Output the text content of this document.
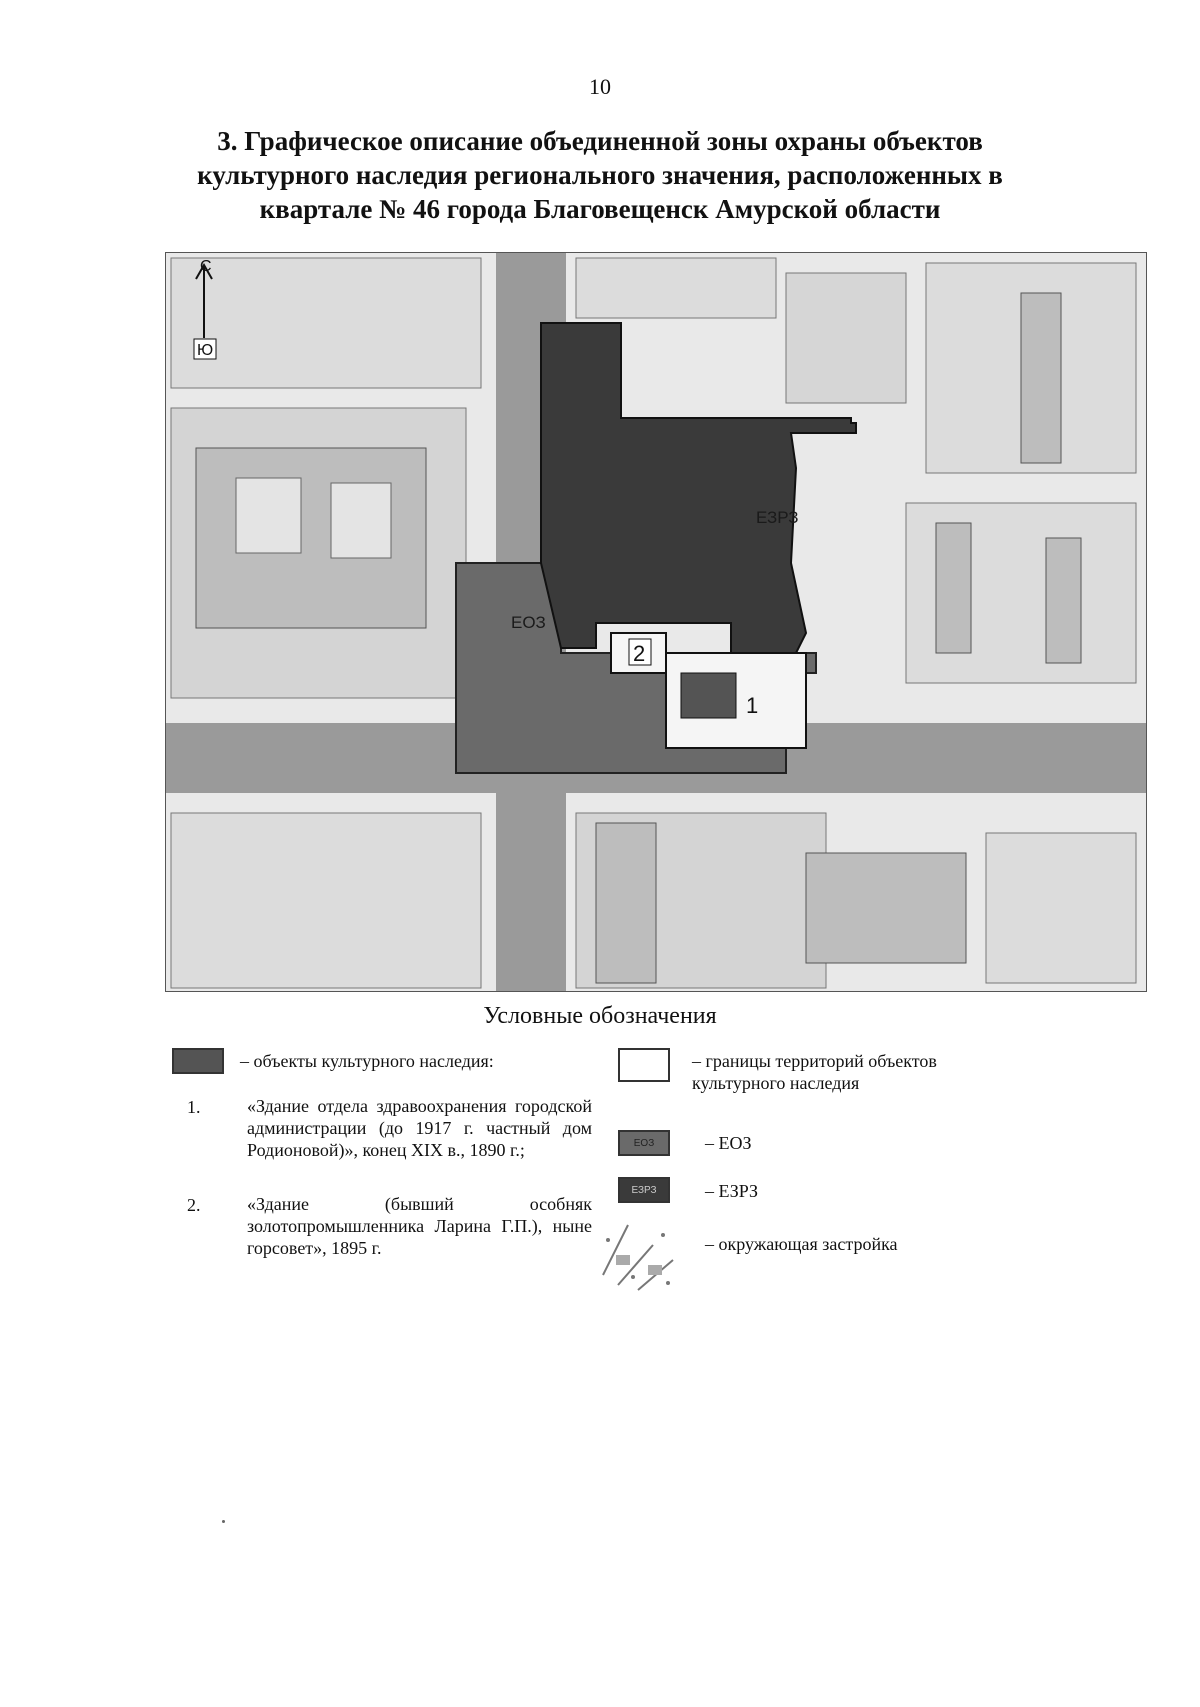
10
3. Графическое описание объединенной зоны охраны объектов
культурного наследия регионального значения, расположенных в
квартале № 46 города Благовещенск Амурской области
С
Ю
ЕОЗ
ЕЗРЗ
2
1
Условные обозначения
– объекты культурного наследия:
1.	«Здание отдела здравоохранения городской администрации (до 1917 г. частный дом Родионовой)», конец XIX в., 1890 г.;
2.	«Здание (бывший особняк золотопромышленника Ларина Г.П.), ныне горсовет», 1895 г.
– границы территорий объектов культурного наследия
ЕОЗ	– ЕОЗ
ЕЗРЗ	– ЕЗРЗ
– окружающая застройка
